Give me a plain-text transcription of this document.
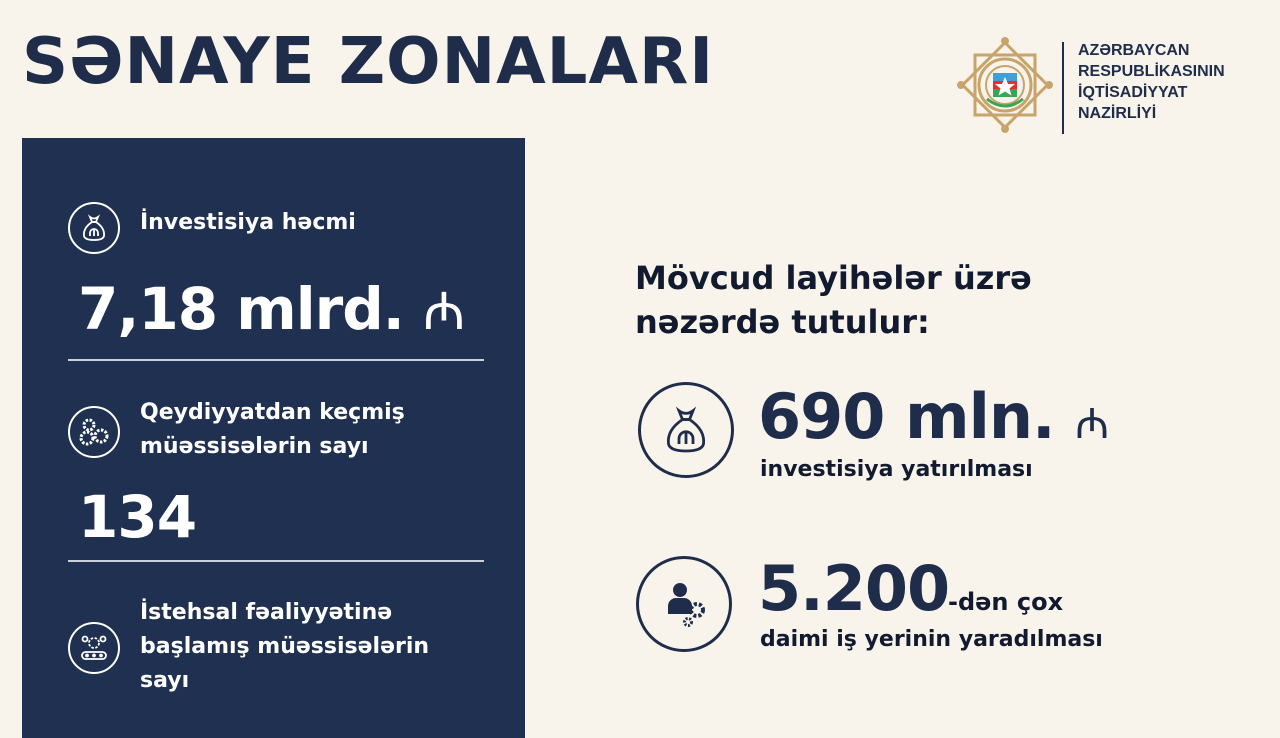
SƏNAYE ZONALARI	AZƏRBAYCAN
RESPUBLİKASININ
İQTİSADİYYAT
NAZİRLİYİ
İnvestisiya həcmi
7,18 mlrd. ₼
Qeydiyyatdan keçmiş
müəssisələrin sayı
134
İstehsal fəaliyyətinə
başlamış müəssisələrin
sayı
Mövcud layihələr üzrə
nəzərdə tutulur:
690 mln. ₼
investisiya yatırılması
5.200
-dən çox
daimi iş yerinin yaradılması
